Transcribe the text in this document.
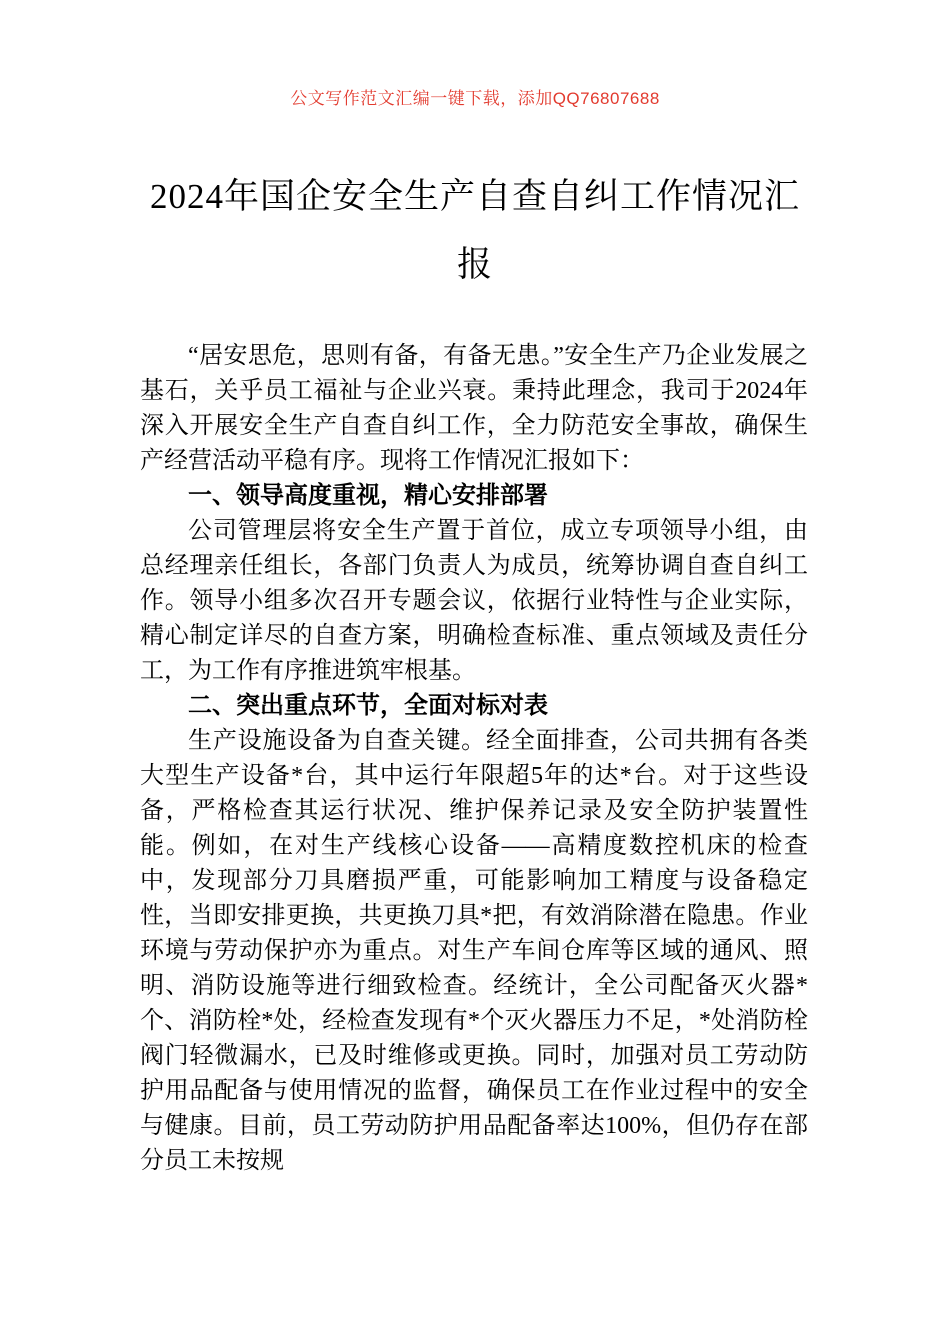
公文写作范文汇编一键下载，添加QQ76807688
2024年国企安全生产自查自纠工作情况汇报

“居安思危，思则有备，有备无患。”安全生产乃企业发展之基石，关乎员工福祉与企业兴衰。秉持此理念，我司于2024年深入开展安全生产自查自纠工作，全力防范安全事故，确保生产经营活动平稳有序。现将工作情况汇报如下：

一、领导高度重视，精心安排部署

公司管理层将安全生产置于首位，成立专项领导小组，由总经理亲任组长，各部门负责人为成员，统筹协调自查自纠工作。领导小组多次召开专题会议，依据行业特性与企业实际，精心制定详尽的自查方案，明确检查标准、重点领域及责任分工，为工作有序推进筑牢根基。

二、突出重点环节，全面对标对表

生产设施设备为自查关键。经全面排查，公司共拥有各类大型生产设备*台，其中运行年限超5年的达*台。对于这些设备，严格检查其运行状况、维护保养记录及安全防护装置性能。例如，在对生产线核心设备——高精度数控机床的检查中，发现部分刀具磨损严重，可能影响加工精度与设备稳定性，当即安排更换，共更换刀具*把，有效消除潜在隐患。作业环境与劳动保护亦为重点。对生产车间仓库等区域的通风、照明、消防设施等进行细致检查。经统计，全公司配备灭火器*个、消防栓*处，经检查发现有*个灭火器压力不足，*处消防栓阀门轻微漏水，已及时维修或更换。同时，加强对员工劳动防护用品配备与使用情况的监督，确保员工在作业过程中的安全与健康。目前，员工劳动防护用品配备率达100%，但仍存在部分员工未按规
